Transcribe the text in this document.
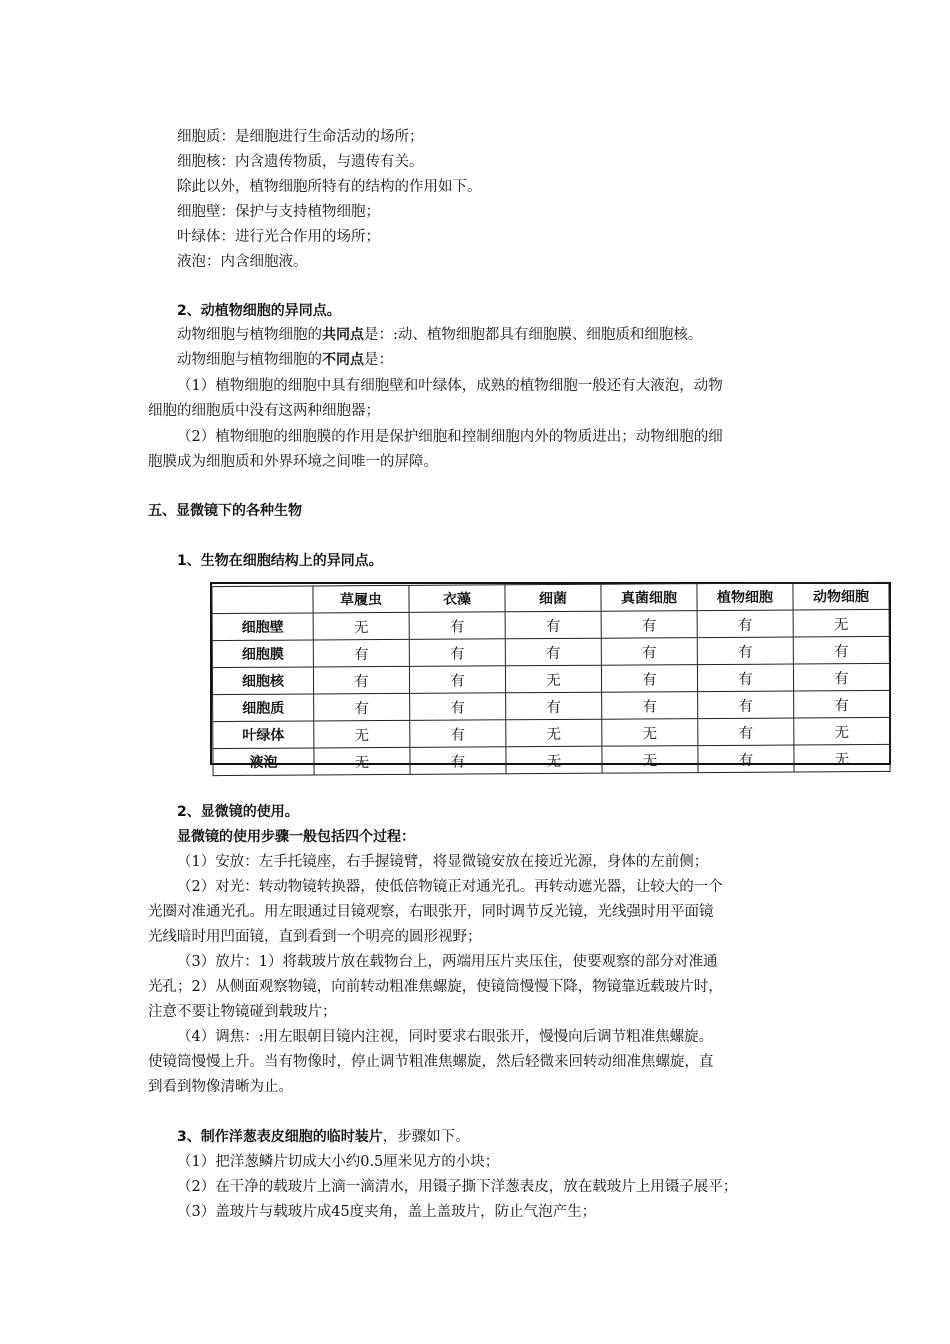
细胞质：是细胞进行生命活动的场所；
细胞核：内含遗传物质，与遗传有关。
除此以外，植物细胞所特有的结构的作用如下。
细胞壁：保护与支持植物细胞；
叶绿体：进行光合作用的场所；
液泡：内含细胞液。
2、动植物细胞的异同点。
动物细胞与植物细胞的共同点是：:动、植物细胞都具有细胞膜、细胞质和细胞核。
动物细胞与植物细胞的不同点是：
（1）植物细胞的细胞中具有细胞壁和叶绿体，成熟的植物细胞一般还有大液泡，动物
细胞的细胞质中没有这两种细胞器；
（2）植物细胞的细胞膜的作用是保护细胞和控制细胞内外的物质进出；动物细胞的细
胞膜成为细胞质和外界环境之间唯一的屏障。
五、显微镜下的各种生物
1、生物在细胞结构上的异同点。
	草履虫	衣藻	细菌	真菌细胞	植物细胞	动物细胞
细胞壁	无	有	有	有	有	无
细胞膜	有	有	有	有	有	有
细胞核	有	有	无	有	有	有
细胞质	有	有	有	有	有	有
叶绿体	无	有	无	无	有	无
液泡	无	有	无	无	有	无
2、显微镜的使用。
显微镜的使用步骤一般包括四个过程：
（1）安放：左手托镜座，右手握镜臂，将显微镜安放在接近光源，身体的左前侧；
（2）对光：转动物镜转换器，使低倍物镜正对通光孔。再转动遮光器，让较大的一个
光圈对准通光孔。用左眼通过目镜观察，右眼张开，同时调节反光镜，光线强时用平面镜
光线暗时用凹面镜，直到看到一个明亮的圆形视野；
（3）放片：1）将载玻片放在载物台上，两端用压片夹压住，使要观察的部分对准通
光孔；2）从侧面观察物镜，向前转动粗准焦螺旋，使镜筒慢慢下降，物镜靠近载玻片时，
注意不要让物镜碰到载玻片；
（4）调焦：:用左眼朝目镜内注视，同时要求右眼张开，慢慢向后调节粗准焦螺旋。
使镜筒慢慢上升。当有物像时，停止调节粗准焦螺旋，然后轻微来回转动细准焦螺旋，直
到看到物像清晰为止。
3、制作洋葱表皮细胞的临时装片，步骤如下。
（1）把洋葱鳞片切成大小约0.5厘米见方的小块；
（2）在干净的载玻片上滴一滴清水，用镊子撕下洋葱表皮，放在载玻片上用镊子展平；
（3）盖玻片与载玻片成45度夹角，盖上盖玻片，防止气泡产生；
